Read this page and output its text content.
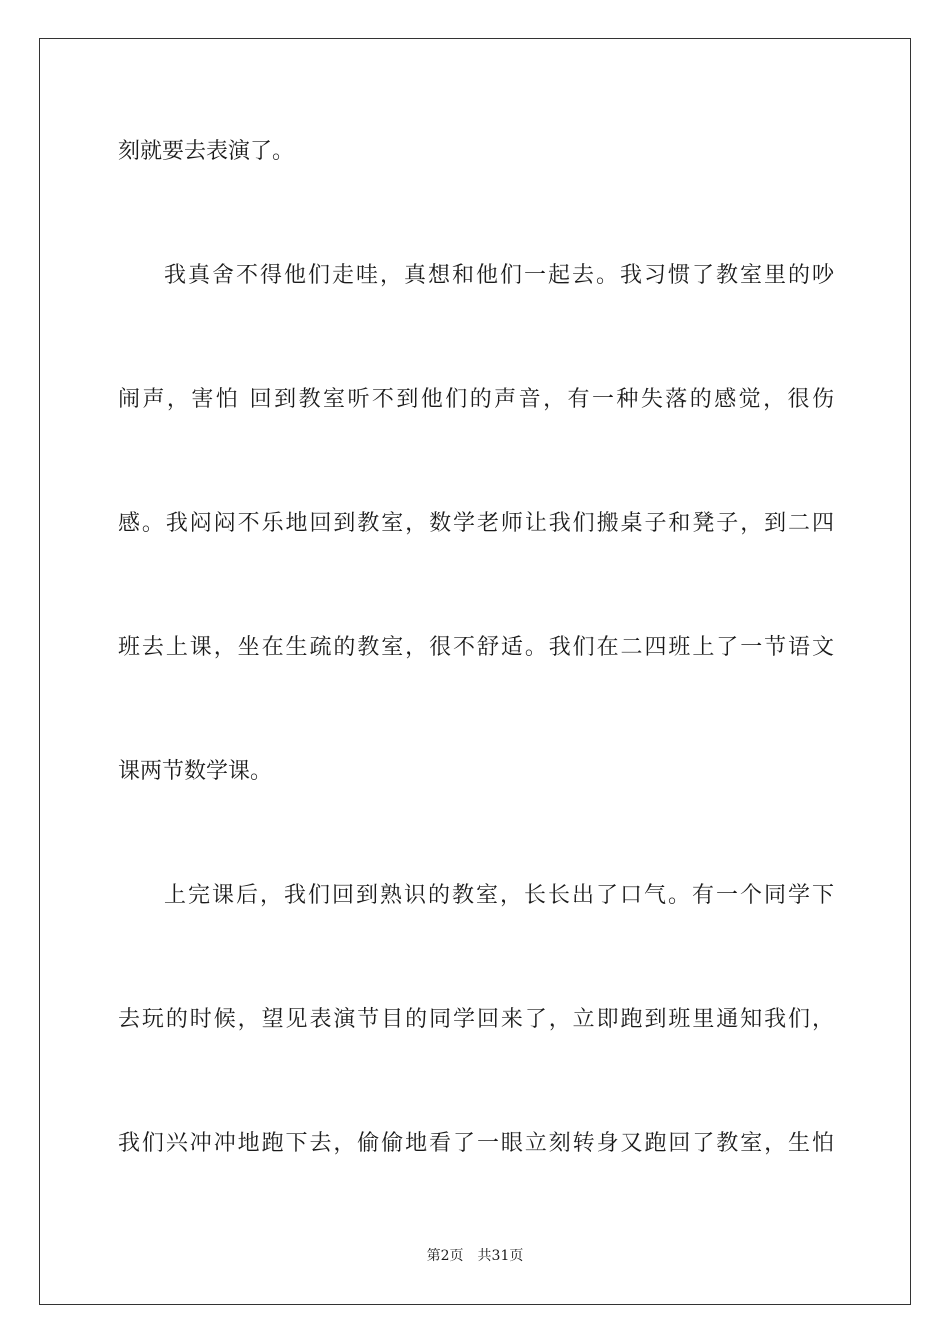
刻就要去表演了。
我真舍不得他们走哇，真想和他们一起去。我习惯了教室里的吵
闹声，害怕 回到教室听不到他们的声音，有一种失落的感觉，很伤
感。我闷闷不乐地回到教室，数学老师让我们搬桌子和凳子，到二四
班去上课，坐在生疏的教室，很不舒适。我们在二四班上了一节语文
课两节数学课。
上完课后，我们回到熟识的教室，长长出了口气。有一个同学下
去玩的时候，望见表演节目的同学回来了，立即跑到班里通知我们，
我们兴冲冲地跑下去，偷偷地看了一眼立刻转身又跑回了教室，生怕
第2页 共31页
